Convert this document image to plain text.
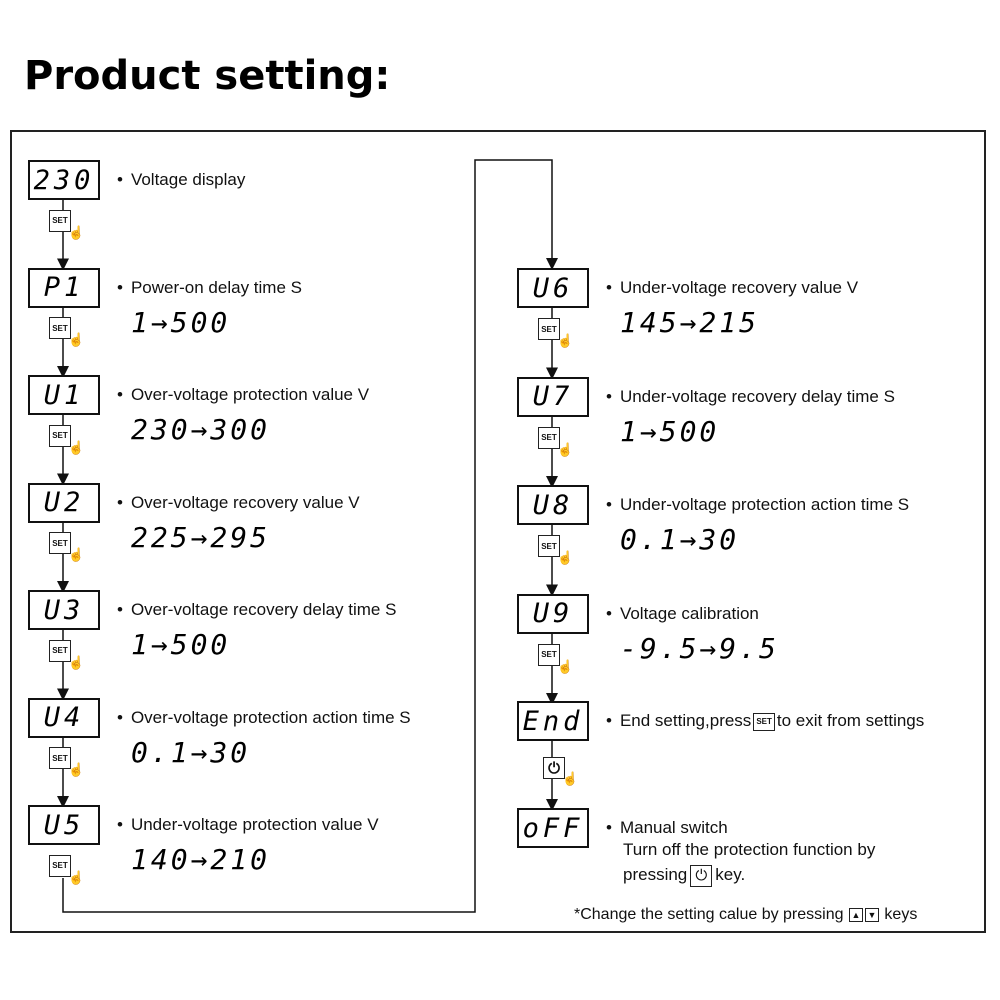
Product setting:
230 • Voltage display
SET
☝
P1 • Power-on delay time S
1→500
SET
☝
U1 • Over-voltage protection value V
230→300
SET
☝
U2 • Over-voltage recovery value V
225→295
SET
☝
U3 • Over-voltage recovery delay time S
1→500
SET
☝
U4 • Over-voltage protection action time S
0.1→30
SET
☝
U5 • Under-voltage protection value V
140→210
SET
☝
U6 • Under-voltage recovery value V
145→215
SET
☝
U7 • Under-voltage recovery delay time S
1→500
SET
☝
U8 • Under-voltage protection action time S
0.1→30
SET
☝
U9 • Voltage calibration
-9.5→9.5
SET
☝
End • End setting,press SET to exit from settings
⏻
☝
oFF • Manual switch
Turn off the protection function by
pressing ⏻ key.
*Change the setting calue by pressing ▲ ▼ keys
